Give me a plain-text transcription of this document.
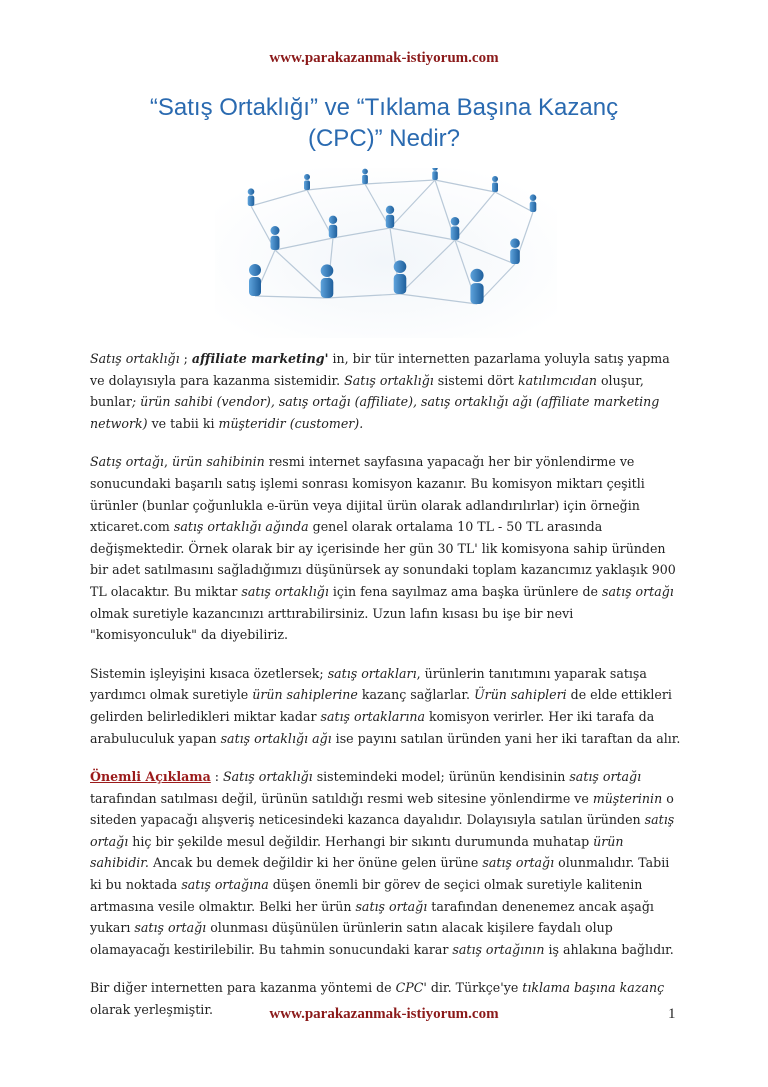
www.parakazanmak-istiyorum.com
“Satış Ortaklığı” ve “Tıklama Başına Kazanç
(CPC)” Nedir?

Satış ortaklığı ; affiliate marketing' in, bir tür internetten pazarlama yoluyla satış yapma ve dolayısıyla para kazanma sistemidir. Satış ortaklığı sistemi dört katılımcıdan oluşur, bunlar; ürün sahibi (vendor), satış ortağı (affiliate), satış ortaklığı ağı (affiliate marketing network) ve tabii ki müşteridir (customer).

Satış ortağı, ürün sahibinin resmi internet sayfasına yapacağı her bir yönlendirme ve sonucundaki başarılı satış işlemi sonrası komisyon kazanır. Bu komisyon miktarı çeşitli ürünler (bunlar çoğunlukla e-ürün veya dijital ürün olarak adlandırılırlar) için örneğin xticaret.com satış ortaklığı ağında genel olarak ortalama 10 TL - 50 TL arasında değişmektedir. Örnek olarak bir ay içerisinde her gün 30 TL' lik komisyona sahip üründen bir adet satılmasını sağladığımızı düşünürsek ay sonundaki toplam kazancımız yaklaşık 900 TL olacaktır. Bu miktar satış ortaklığı için fena sayılmaz ama başka ürünlere de satış ortağı olmak suretiyle kazancınızı arttırabilirsiniz. Uzun lafın kısası bu işe bir nevi "komisyonculuk" da diyebiliriz.

Sistemin işleyişini kısaca özetlersek; satış ortakları, ürünlerin tanıtımını yaparak satışa yardımcı olmak suretiyle ürün sahiplerine kazanç sağlarlar. Ürün sahipleri de elde ettikleri gelirden belirledikleri miktar kadar satış ortaklarına komisyon verirler. Her iki tarafa da arabuluculuk yapan satış ortaklığı ağı ise payını satılan üründen yani her iki taraftan da alır.

Önemli Açıklama : Satış ortaklığı sistemindeki model; ürünün kendisinin satış ortağı tarafından satılması değil, ürünün satıldığı resmi web sitesine yönlendirme ve müşterinin o siteden yapacağı alışveriş neticesindeki kazanca dayalıdır. Dolayısıyla satılan üründen satış ortağı hiç bir şekilde mesul değildir. Herhangi bir sıkıntı durumunda muhatap ürün sahibidir. Ancak bu demek değildir ki her önüne gelen ürüne satış ortağı olunmalıdır. Tabii ki bu noktada satış ortağına düşen önemli bir görev de seçici olmak suretiyle kalitenin artmasına vesile olmaktır. Belki her ürün satış ortağı tarafından denenemez ancak aşağı yukarı satış ortağı olunması düşünülen ürünlerin satın alacak kişilere faydalı olup olamayacağı kestirilebilir. Bu tahmin sonucundaki karar satış ortağının iş ahlakına bağlıdır.

Bir diğer internetten para kazanma yöntemi de CPC' dir. Türkçe'ye tıklama başına kazanç olarak yerleşmiştir.	www.parakazanmak-istiyorum.com	1
